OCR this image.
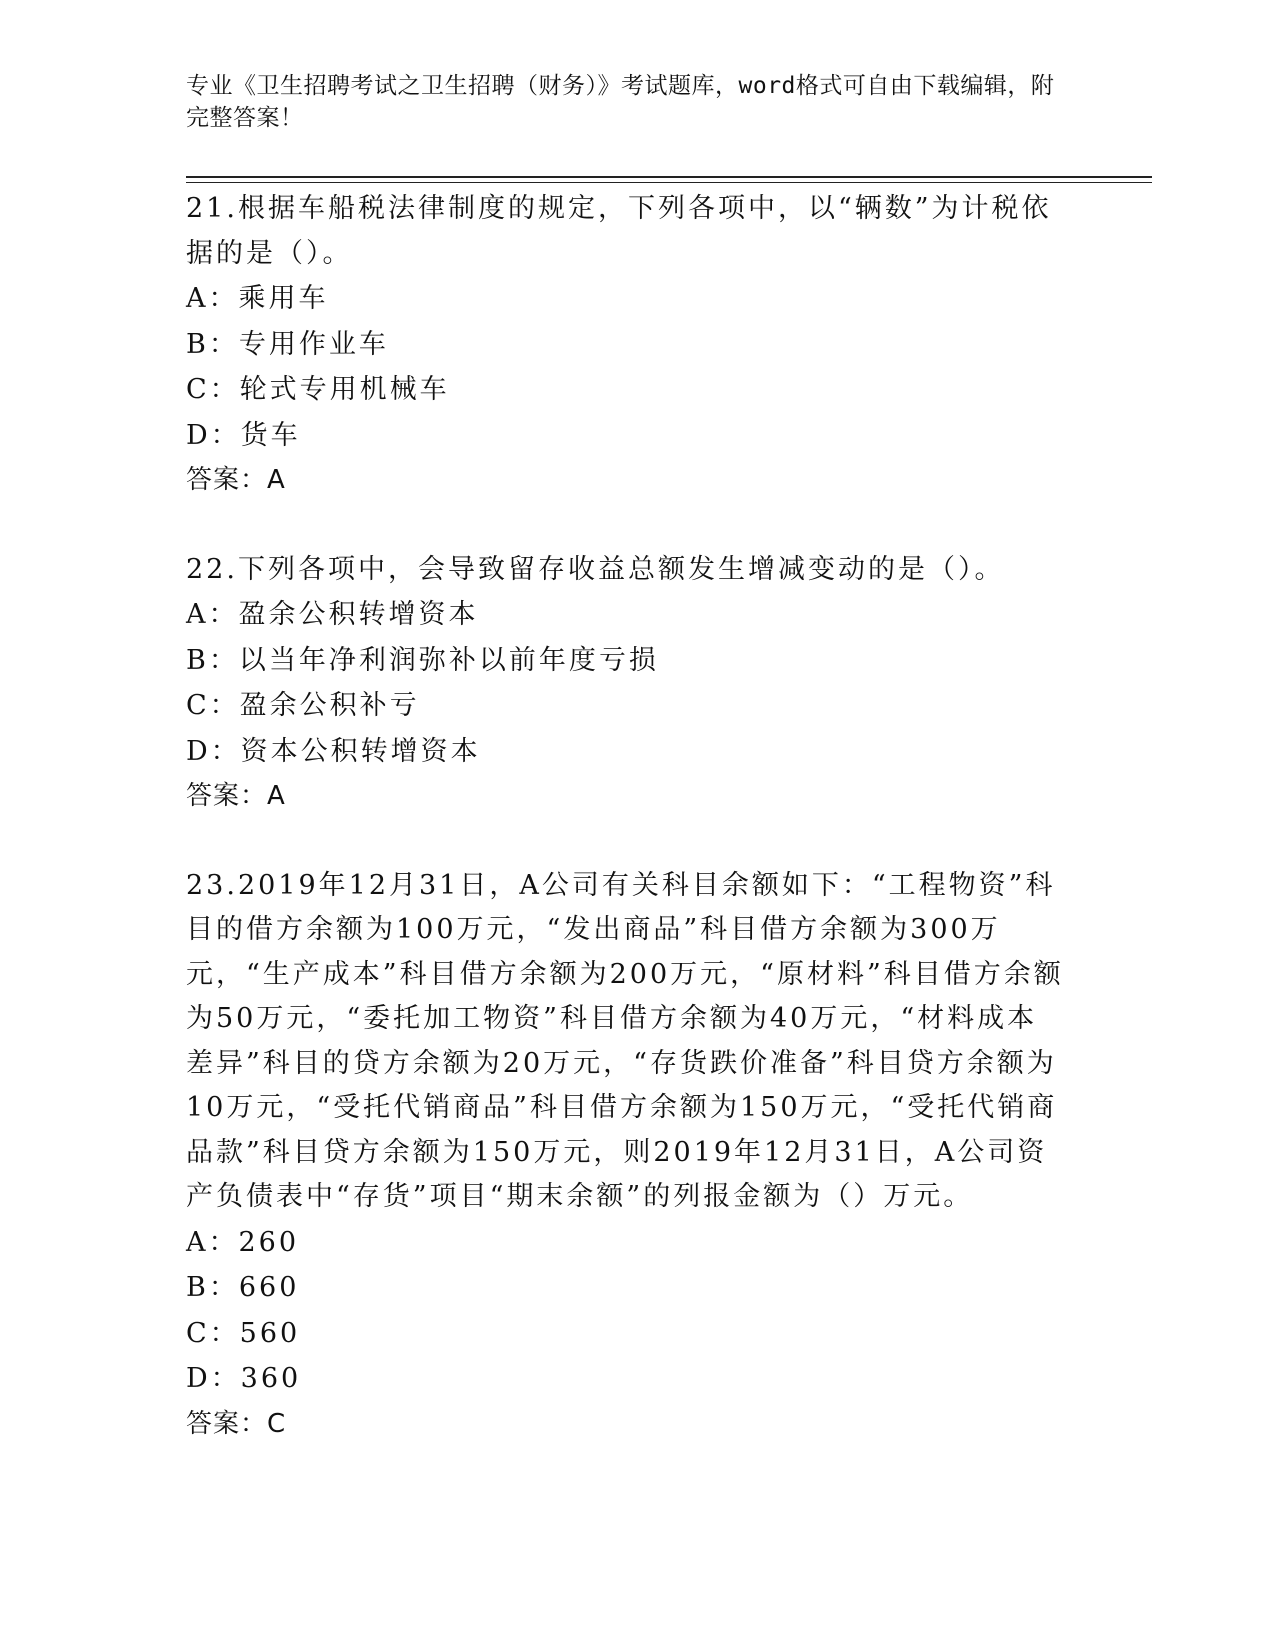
专业《卫生招聘考试之卫生招聘（财务）》考试题库，word格式可自由下载编辑，附完整答案！
21.根据车船税法律制度的规定，下列各项中，以“辆数”为计税依据的是（）。
A：乘用车
B：专用作业车
C：轮式专用机械车
D：货车
答案：A
22.下列各项中，会导致留存收益总额发生增减变动的是（）。
A：盈余公积转增资本
B：以当年净利润弥补以前年度亏损
C：盈余公积补亏
D：资本公积转增资本
答案：A
23.2019年12月31日，A公司有关科目余额如下：“工程物资”科目的借方余额为100万元，“发出商品”科目借方余额为300万元，“生产成本”科目借方余额为200万元，“原材料”科目借方余额为50万元，“委托加工物资”科目借方余额为40万元，“材料成本差异”科目的贷方余额为20万元，“存货跌价准备”科目贷方余额为10万元，“受托代销商品”科目借方余额为150万元，“受托代销商品款”科目贷方余额为150万元，则2019年12月31日，A公司资产负债表中“存货”项目“期末余额”的列报金额为（）万元。
A：260
B：660
C：560
D：360
答案：C
